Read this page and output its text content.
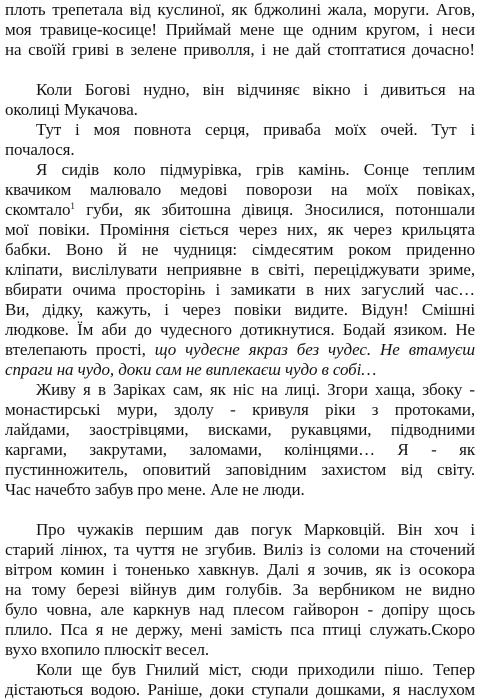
плоть трепетала від куслиної, як бджолині жала, моруги. Агов,
моя травице-косице! Приймай мене ще одним кругом, і неси
на своїй гриві в зелене приволля, і не дай стоптатися дочасно!
Коли Богові нудно, він відчиняє вікно і дивиться на
околиці Мукачова.
Тут і моя повнота серця, приваба моїх очей. Тут і
почалося.
Я сидів коло підмурівка, грів камінь. Сонце теплим
квачиком малювало медові поворози на моїх повіках,
скомтало$^1$ губи, як збитошна дівиця. Зносилися, потоншали
мої повіки. Проміння сіється через них, як через крильцята
бабки. Воно й не чудниця: сімдесятим роком приденно
кліпати, вислілувати неприявне в світі, переціджувати зриме,
вбирати очима просторінь і замикати в них загуслий час…
Ви, дідку, кажуть, і через повіки видите. Відун! Смішні
людкове. Їм аби до чудесного дотикнутися. Бодай язиком. Не
втелепають прості, що чудесне якраз без чудес. Не втамуєш
спраги на чудо, доки сам не виплекаєш чудо в собі…
Живу я в Заріках сам, як ніс на лиці. Згори хаща, збоку -
монастирські мури, здолу - кривуля ріки з протоками,
лайдами, заострівцями, висками, рукавцями, підводними
каргами, закрутами, заломами, колінцями… Я - як
пустинножитель, оповитий заповідним захистом від світу.
Час начебто забув про мене. Але не люди.
Про чужаків першим дав погук Марковцій. Він хоч і
старий лінюх, та чуття не згубив. Виліз із соломи на сточений
вітром комин і тоненько хавкнув. Далі я зочив, як із осокора
на тому березі війнув дим голубів. За вербником не видно
було човна, але каркнув над плесом гайворон - допіру щось
плило. Пса я не держу, мені замість пса птиці служать.Скоро
вухо вхопило плюскіт весел.
Коли ще був Гнилий міст, сюди приходили пішо. Тепер
дістаються водою. Раніше, доки ступали дошками, я наслухом
